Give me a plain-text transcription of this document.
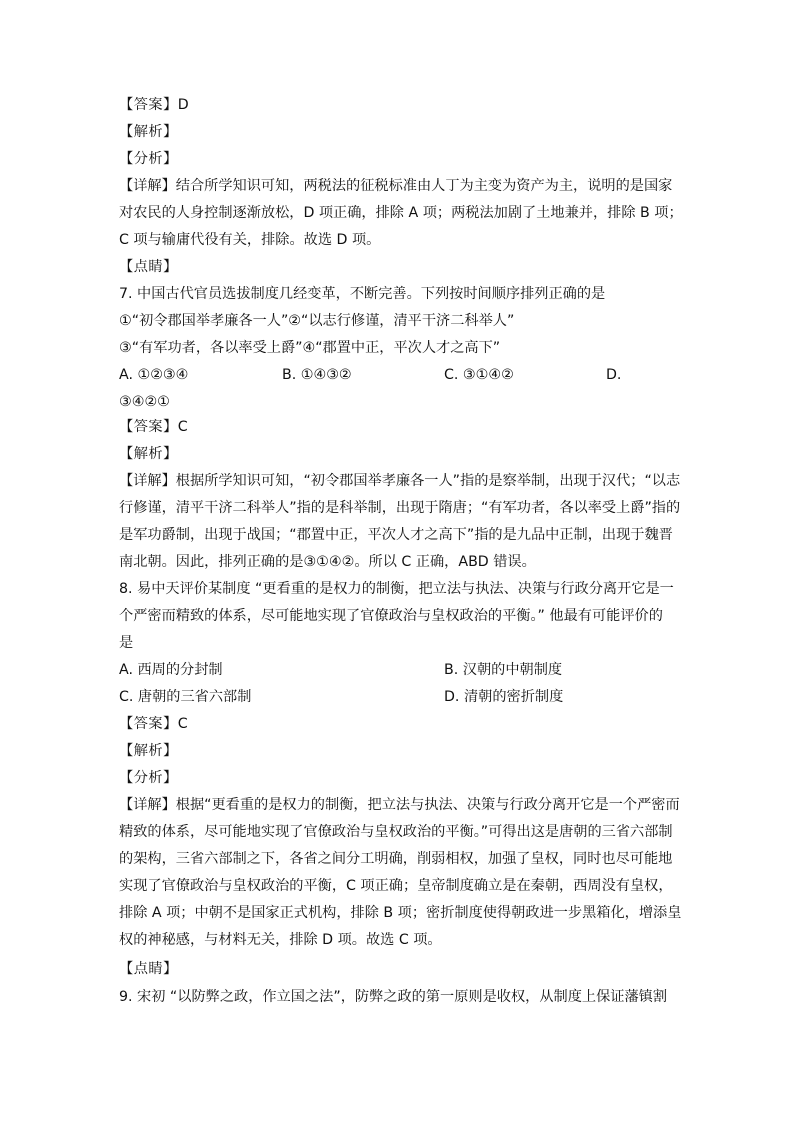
【答案】D
【解析】
【分析】
【详解】结合所学知识可知，两税法的征税标准由人丁为主变为资产为主，说明的是国家
对农民的人身控制逐渐放松，D 项正确，排除 A 项；两税法加剧了土地兼并，排除 B 项；
C 项与输庸代役有关，排除。故选 D 项。
【点睛】
7. 中国古代官员选拔制度几经变革，不断完善。下列按时间顺序排列正确的是
①“初令郡国举孝廉各一人”②“以志行修谨，清平干济二科举人”
③“有军功者，各以率受上爵”④“郡置中正，平次人才之高下”
A. ①②③④	B. ①④③②	C. ③①④②	D.
③④②①
【答案】C
【解析】
【详解】根据所学知识可知，“初令郡国举孝廉各一人”指的是察举制，出现于汉代；“以志
行修谨，清平干济二科举人”指的是科举制，出现于隋唐；“有军功者，各以率受上爵”指的
是军功爵制，出现于战国；“郡置中正，平次人才之高下”指的是九品中正制，出现于魏晋
南北朝。因此，排列正确的是③①④②。所以 C 正确，ABD 错误。
8. 易中天评价某制度 “更看重的是权力的制衡，把立法与执法、决策与行政分离开它是一
个严密而精致的体系，尽可能地实现了官僚政治与皇权政治的平衡。” 他最有可能评价的
是
A. 西周的分封制	B. 汉朝的中朝制度
C. 唐朝的三省六部制	D. 清朝的密折制度
【答案】C
【解析】
【分析】
【详解】根据“更看重的是权力的制衡，把立法与执法、决策与行政分离开它是一个严密而
精致的体系，尽可能地实现了官僚政治与皇权政治的平衡。”可得出这是唐朝的三省六部制
的架构，三省六部制之下，各省之间分工明确，削弱相权，加强了皇权，同时也尽可能地
实现了官僚政治与皇权政治的平衡，C 项正确；皇帝制度确立是在秦朝，西周没有皇权，
排除 A 项；中朝不是国家正式机构，排除 B 项；密折制度使得朝政进一步黑箱化，增添皇
权的神秘感，与材料无关，排除 D 项。故选 C 项。
【点睛】
9. 宋初 “以防弊之政，作立国之法”，防弊之政的第一原则是收权，从制度上保证藩镇割
